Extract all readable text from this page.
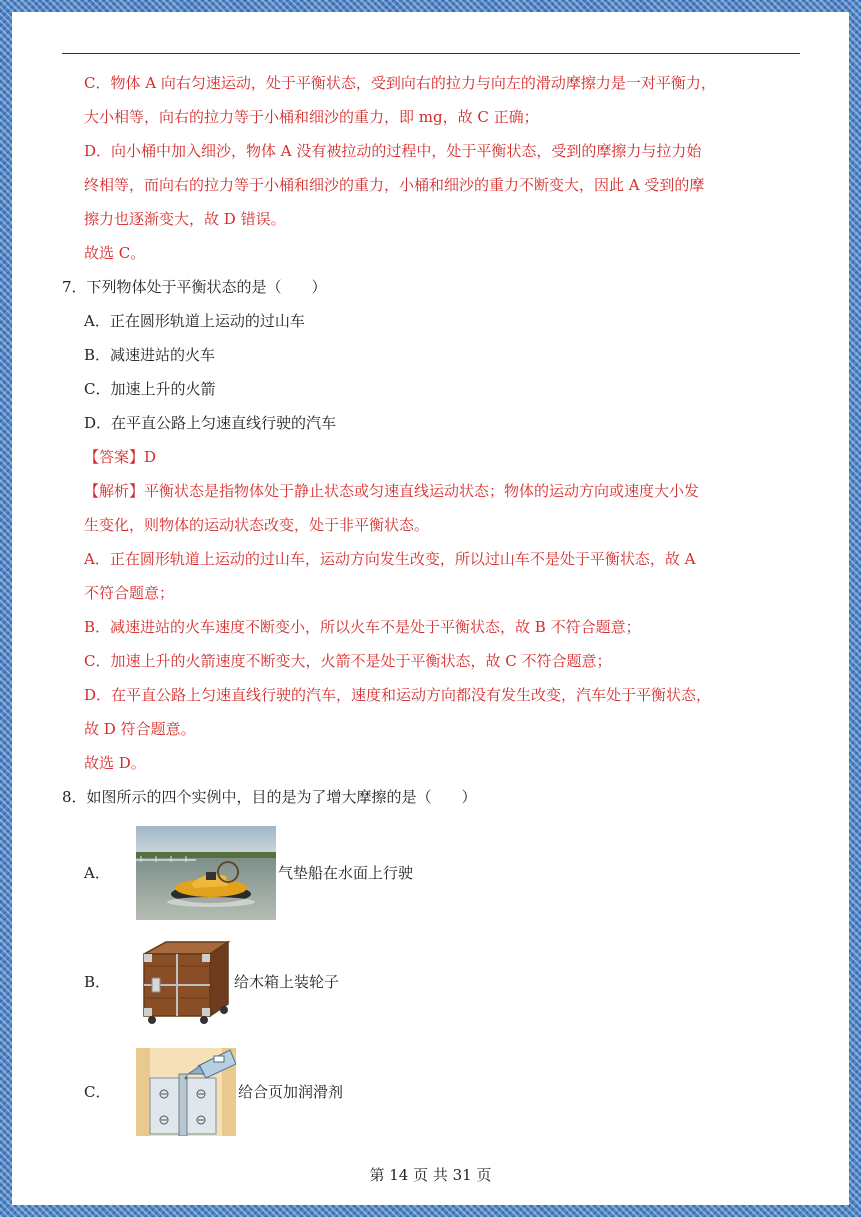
C．物体 A 向右匀速运动，处于平衡状态，受到向右的拉力与向左的滑动摩擦力是一对平衡力，

大小相等，向右的拉力等于小桶和细沙的重力，即 mg，故 C 正确；

D．向小桶中加入细沙，物体 A 没有被拉动的过程中，处于平衡状态，受到的摩擦力与拉力始

终相等，而向右的拉力等于小桶和细沙的重力，小桶和细沙的重力不断变大，因此 A 受到的摩

擦力也逐渐变大，故 D 错误。

故选 C。

7．下列物体处于平衡状态的是（　　）

A．正在圆形轨道上运动的过山车

B．减速进站的火车

C．加速上升的火箭

D．在平直公路上匀速直线行驶的汽车

【答案】D

【解析】平衡状态是指物体处于静止状态或匀速直线运动状态；物体的运动方向或速度大小发

生变化，则物体的运动状态改变，处于非平衡状态。

A．正在圆形轨道上运动的过山车，运动方向发生改变，所以过山车不是处于平衡状态，故 A

不符合题意；

B．减速进站的火车速度不断变小，所以火车不是处于平衡状态，故 B 不符合题意；

C．加速上升的火箭速度不断变大，火箭不是处于平衡状态，故 C 不符合题意；

D．在平直公路上匀速直线行驶的汽车，速度和运动方向都没有发生改变，汽车处于平衡状态，

故 D 符合题意。

故选 D。

8．如图所示的四个实例中，目的是为了增大摩擦的是（　　）

A．	气垫船在水面上行驶
B．	给木箱上装轮子
C．	给合页加润滑剂
第 14 页 共 31 页
